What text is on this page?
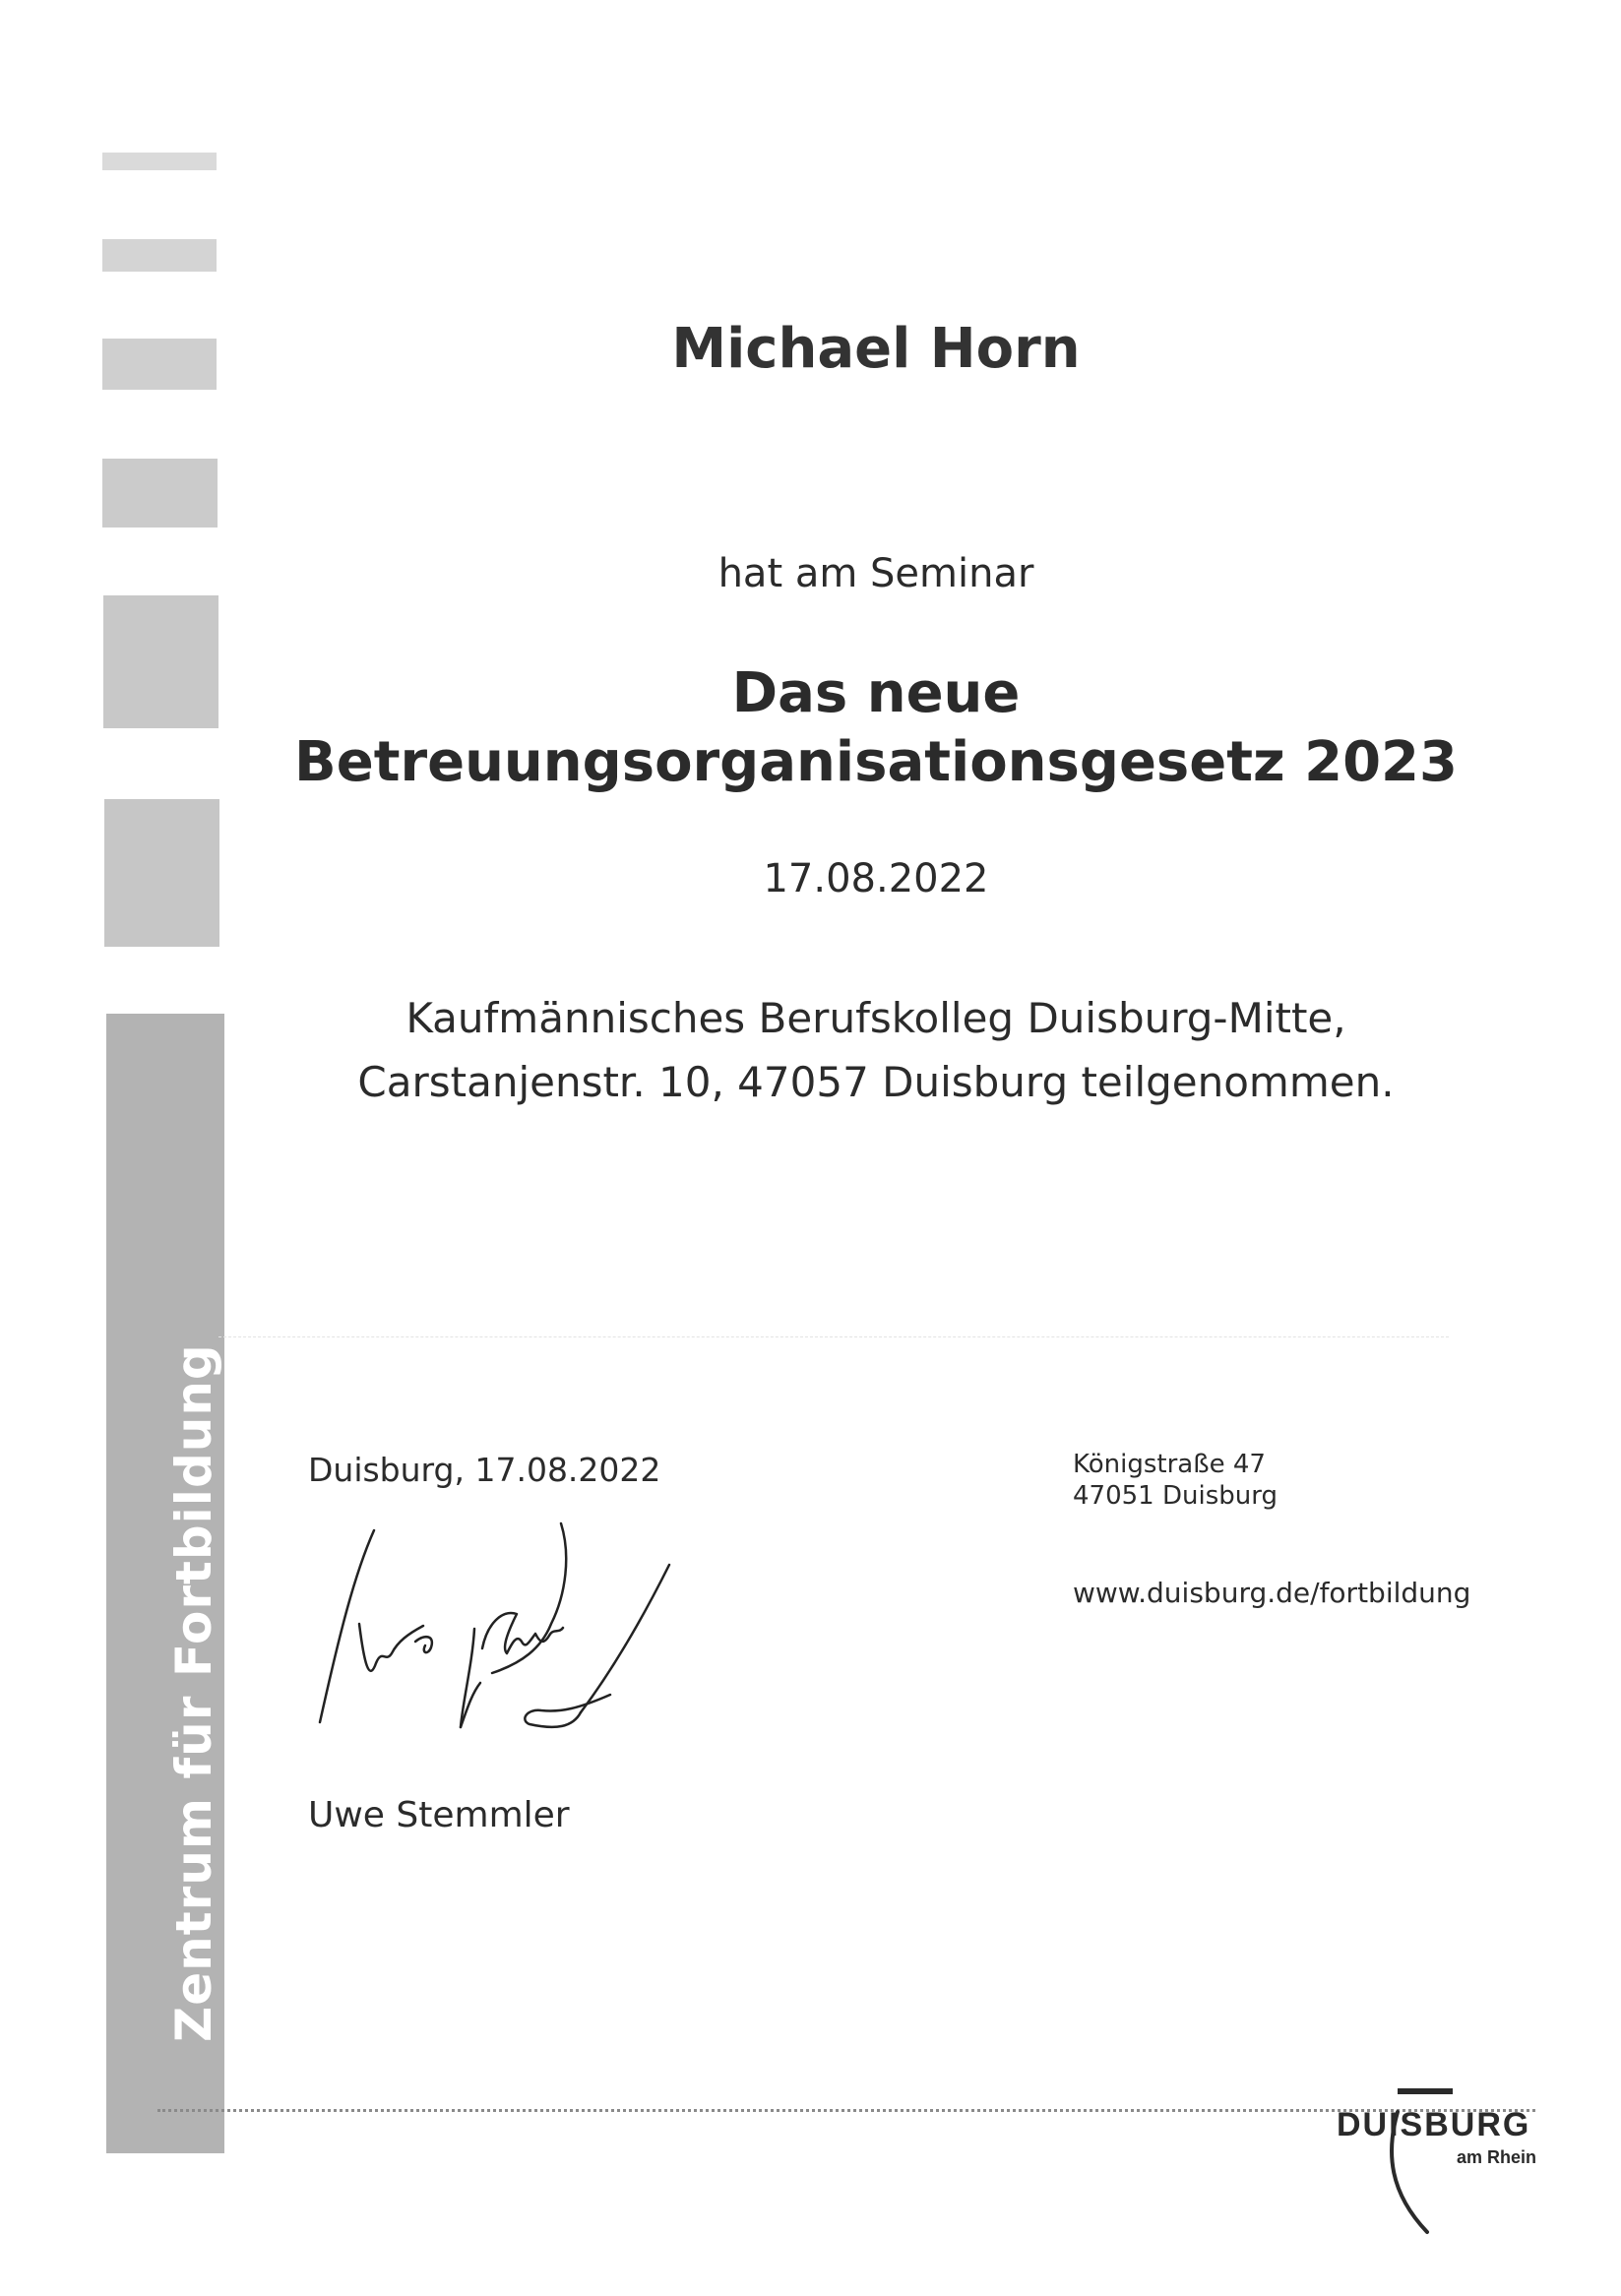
Zentrum für Fortbildung
Michael Horn
hat am Seminar
Das neue
Betreuungsorganisationsgesetz 2023
17.08.2022
Kaufmännisches Berufskolleg Duisburg-Mitte,
Carstanjenstr. 10, 47057 Duisburg teilgenommen.
Duisburg, 17.08.2022
Uwe Stemmler
Königstraße 47
47051 Duisburg
www.duisburg.de/fortbildung
DUISBURG
am Rhein
